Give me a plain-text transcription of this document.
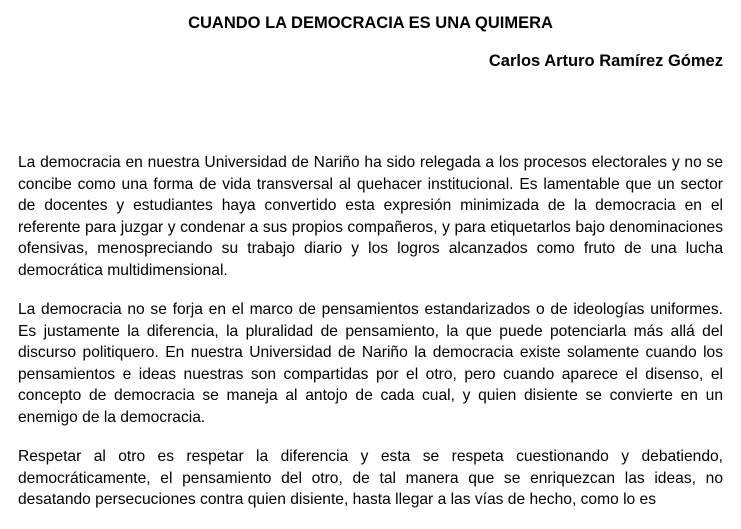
CUANDO LA DEMOCRACIA ES UNA QUIMERA

Carlos Arturo Ramírez Gómez

La democracia en nuestra Universidad de Nariño ha sido relegada a los procesos electorales y no se concibe como una forma de vida transversal al quehacer institucional. Es lamentable que un sector de docentes y estudiantes haya convertido esta expresión minimizada de la democracia en el referente para juzgar y condenar a sus propios compañeros, y para etiquetarlos bajo denominaciones ofensivas, menospreciando su trabajo diario y los logros alcanzados como fruto de una lucha democrática multidimensional.

La democracia no se forja en el marco de pensamientos estandarizados o de ideologías uniformes. Es justamente la diferencia, la pluralidad de pensamiento, la que puede potenciarla más allá del discurso politiquero. En nuestra Universidad de Nariño la democracia existe solamente cuando los pensamientos e ideas nuestras son compartidas por el otro, pero cuando aparece el disenso, el concepto de democracia se maneja al antojo de cada cual, y quien disiente se convierte en un enemigo de la democracia.

Respetar al otro es respetar la diferencia y esta se respeta cuestionando y debatiendo, democráticamente, el pensamiento del otro, de tal manera que se enriquezcan las ideas, no desatando persecuciones contra quien disiente, hasta llegar a las vías de hecho, como lo es
